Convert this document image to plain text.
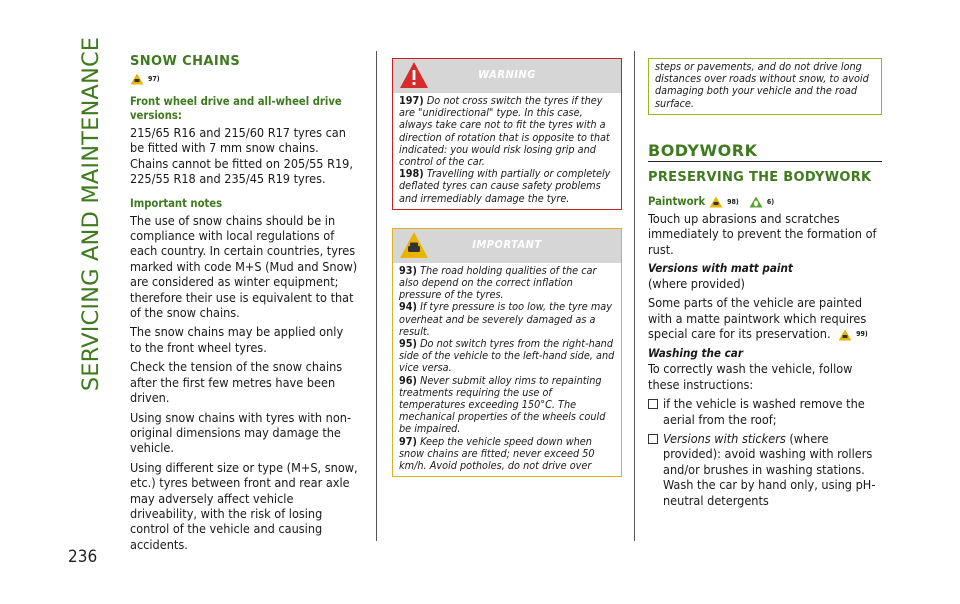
SERVICING AND MAINTENANCE SNOW CHAINS
97)

Front wheel drive and all-wheel drive versions:

215/65 R16 and 215/60 R17 tyres can be fitted with 7 mm snow chains. Chains cannot be fitted on 205/55 R19, 225/55 R18 and 235/45 R19 tyres.

Important notes

The use of snow chains should be in compliance with local regulations of each country. In certain countries, tyres marked with code M+S (Mud and Snow) are considered as winter equipment; therefore their use is equivalent to that of the snow chains.

The snow chains may be applied only to the front wheel tyres.

Check the tension of the snow chains after the first few metres have been driven.

Using snow chains with tyres with non-original dimensions may damage the vehicle.

Using different size or type (M+S, snow, etc.) tyres between front and rear axle may adversely affect vehicle driveability, with the risk of losing control of the vehicle and causing accidents.

WARNING

197) Do not cross switch the tyres if they are "unidirectional" type. In this case, always take care not to fit the tyres with a direction of rotation that is opposite to that indicated: you would risk losing grip and control of the car.

198) Travelling with partially or completely deflated tyres can cause safety problems and irremediably damage the tyre.

IMPORTANT

93) The road holding qualities of the car also depend on the correct inflation pressure of the tyres.

94) If tyre pressure is too low, the tyre may overheat and be severely damaged as a result.

95) Do not switch tyres from the right-hand side of the vehicle to the left-hand side, and vice versa.

96) Never submit alloy rims to repainting treatments requiring the use of temperatures exceeding 150°C. The mechanical properties of the wheels could be impaired.

97) Keep the vehicle speed down when snow chains are fitted; never exceed 50 km/h. Avoid potholes, do not drive over

steps or pavements, and do not drive long distances over roads without snow, to avoid damaging both your vehicle and the road surface.
BODYWORK
PRESERVING THE BODYWORK
Paintwork	98)	6)

Touch up abrasions and scratches immediately to prevent the formation of rust.

Versions with matt paint

(where provided)

Some parts of the vehicle are painted with a matte paintwork which requires special care for its preservation.	99)

Washing the car

To correctly wash the vehicle, follow these instructions:

if the vehicle is washed remove the aerial from the roof;
Versions with stickers (where provided): avoid washing with rollers and/or brushes in washing stations. Wash the car by hand only, using pH-neutral detergents
236
